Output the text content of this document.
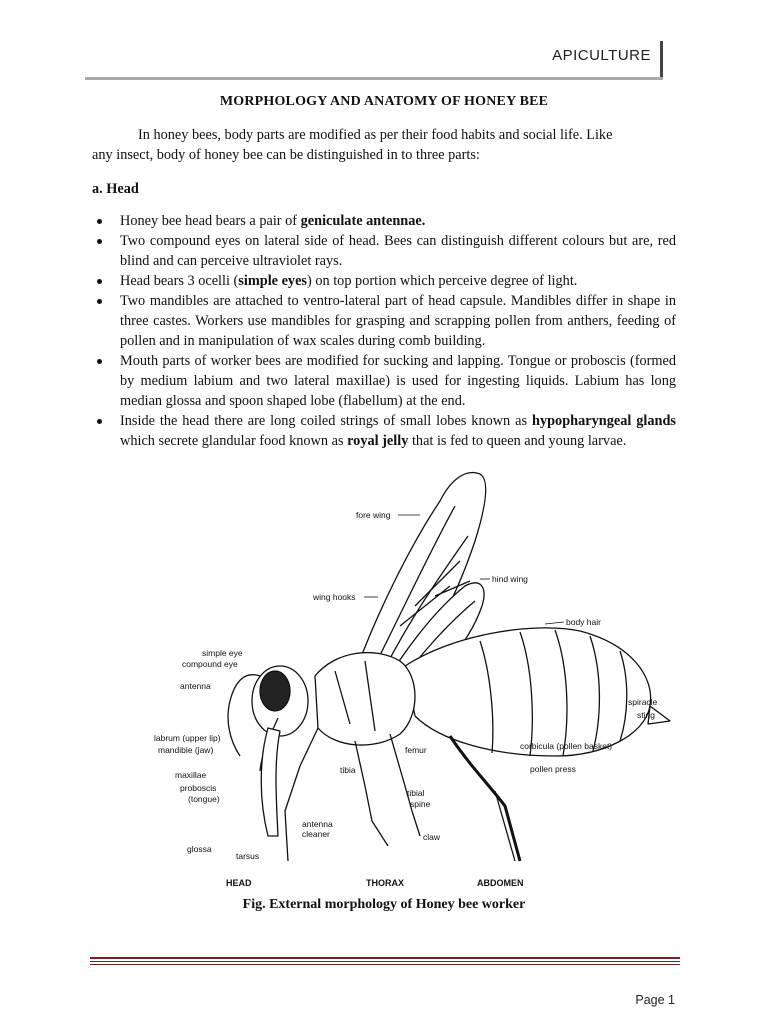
APICULTURE
MORPHOLOGY AND ANATOMY OF HONEY BEE
In honey bees, body parts are modified as per their food habits and social life. Like
any insect, body of honey bee can be distinguished in to three parts:
a. Head
Honey bee head bears a pair of geniculate antennae.
Two compound eyes on lateral side of head. Bees can distinguish different colours but are, red blind and can perceive ultraviolet rays.
Head bears 3 ocelli (simple eyes) on top portion which perceive degree of light.
Two mandibles are attached to ventro-lateral part of head capsule. Mandibles differ in shape in three castes. Workers use mandibles for grasping and scrapping pollen from anthers, feeding of pollen and in manipulation of wax scales during comb building.
Mouth parts of worker bees are modified for sucking and lapping. Tongue or proboscis (formed by medium labium and two lateral maxillae) is used for ingesting liquids. Labium has long median glossa and spoon shaped lobe (flabellum) at the end.
Inside the head there are long coiled strings of small lobes known as hypopharyngeal glands which secrete glandular food known as royal jelly that is fed to queen and young larvae.
fore wing
hind wing
wing hooks
body hair
simple eye
compound eye
antenna
labrum (upper lip)
mandible (jaw)
maxillae
proboscis
(tongue)
glossa
tarsus
antenna
cleaner
tibia
femur
tibial
spine
claw
spiracle
sting
corbicula (pollen basket)
pollen press
HEAD	THORAX	ABDOMEN
Fig. External morphology of Honey bee worker
Page 1
